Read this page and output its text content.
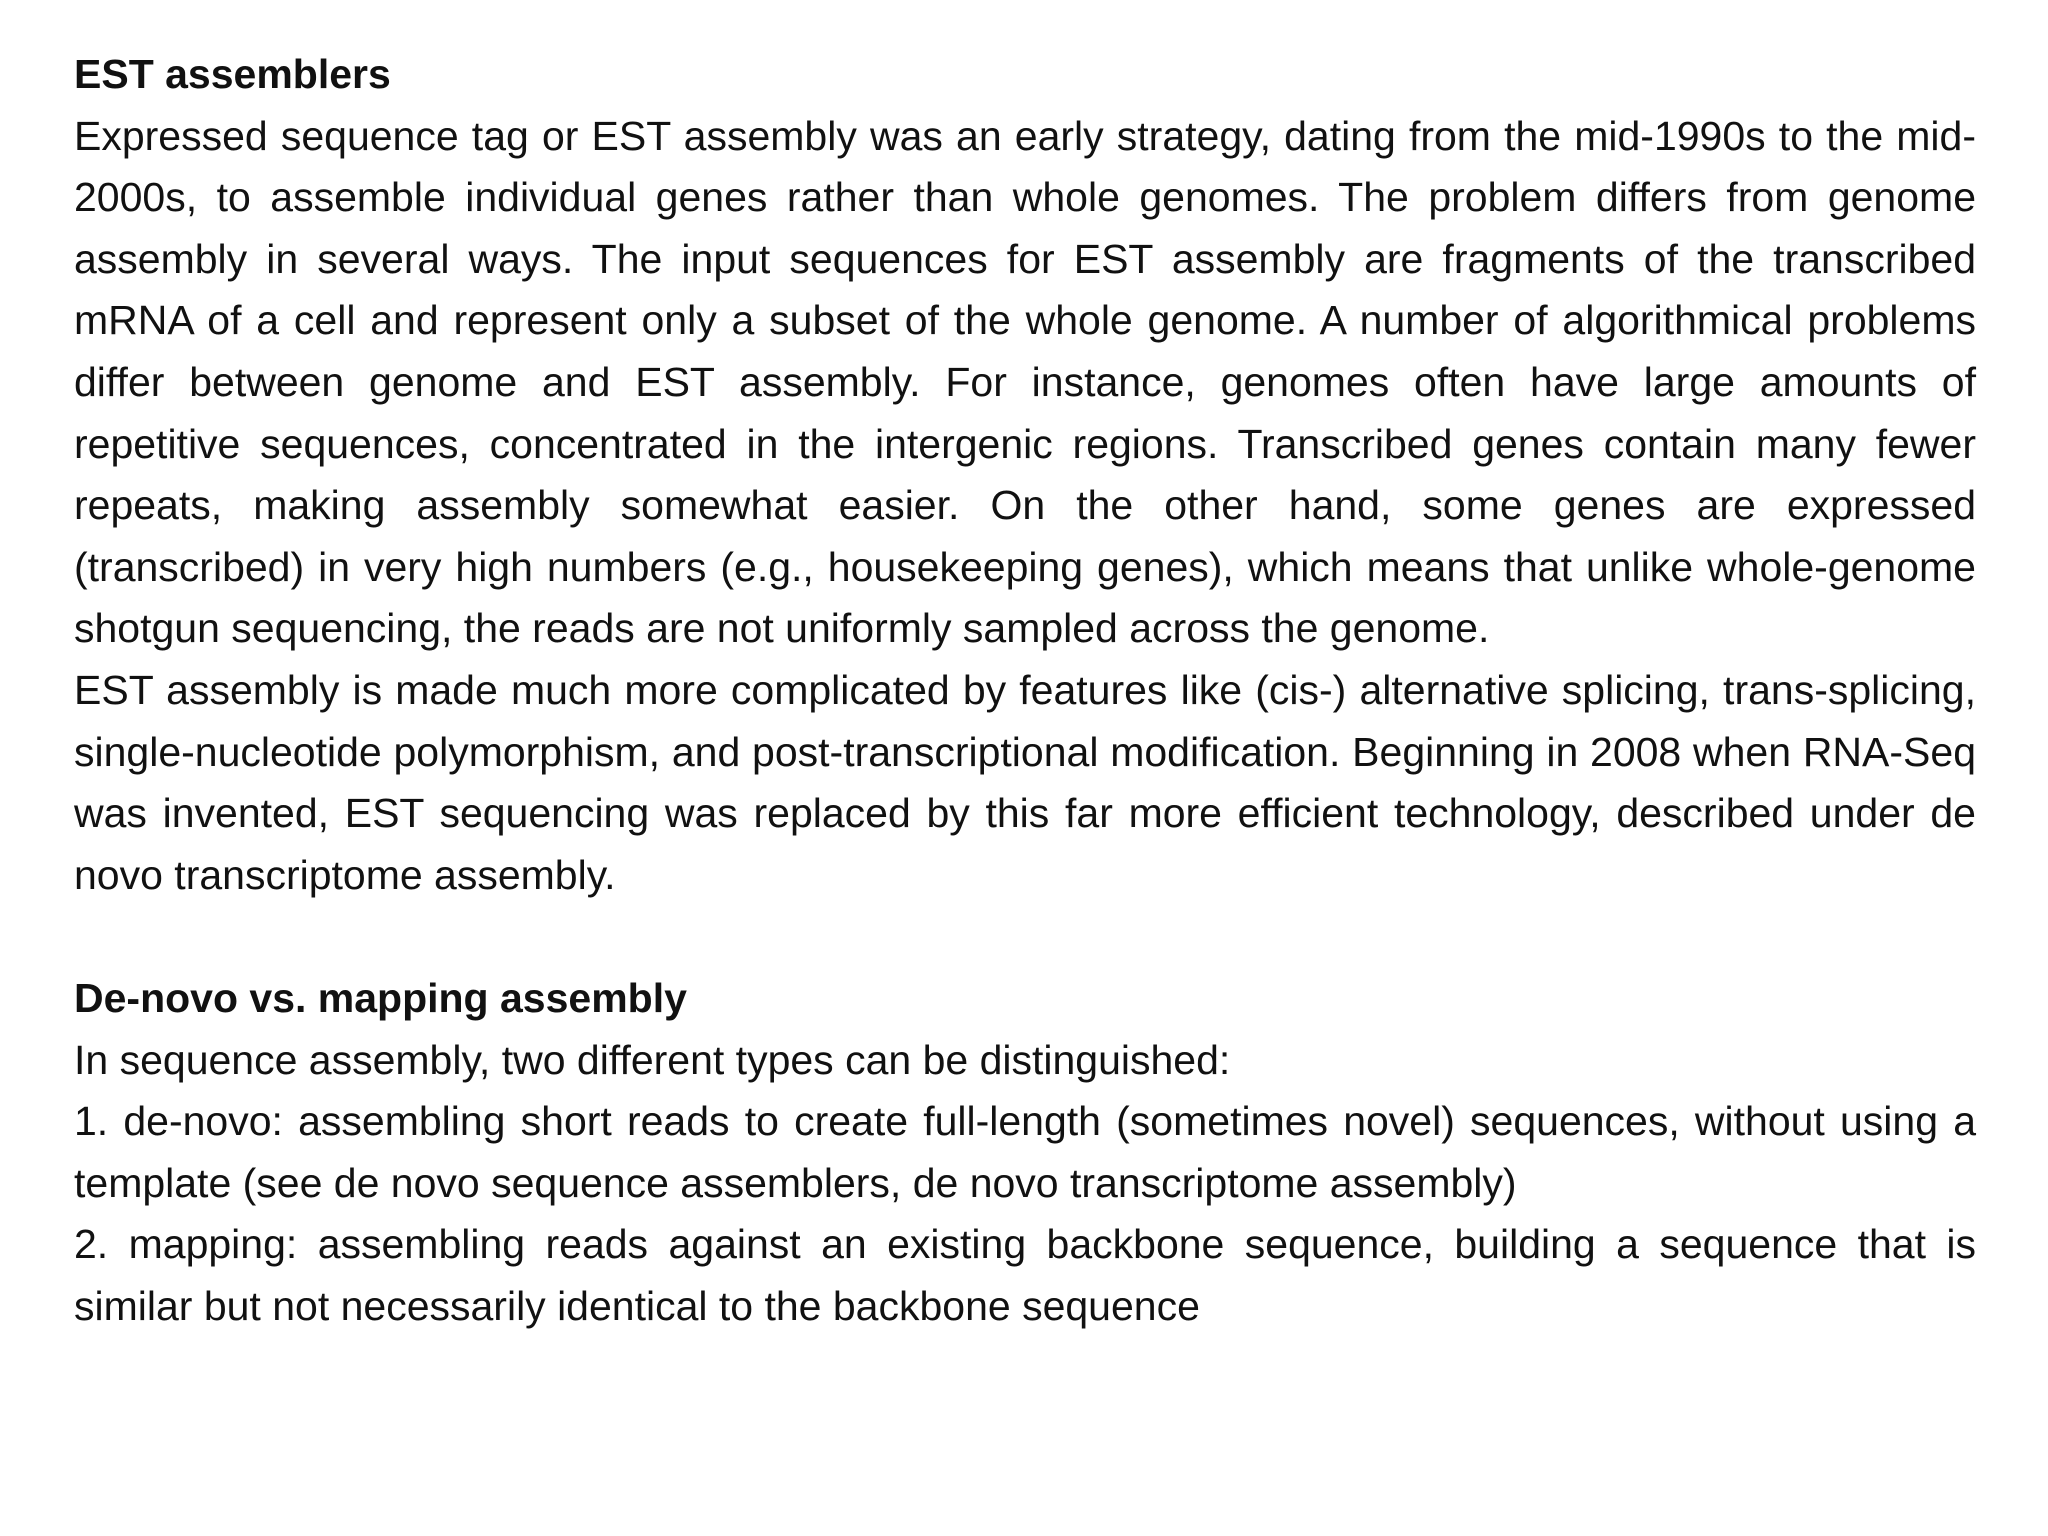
EST assemblers

Expressed sequence tag or EST assembly was an early strategy, dating from the mid-1990s to the mid-2000s, to assemble individual genes rather than whole genomes. The problem differs from genome assembly in several ways. The input sequences for EST assembly are fragments of the transcribed mRNA of a cell and represent only a subset of the whole genome. A number of algorithmical problems differ between genome and EST assembly. For instance, genomes often have large amounts of repetitive sequences, concentrated in the intergenic regions. Transcribed genes contain many fewer repeats, making assembly somewhat easier. On the other hand, some genes are expressed (transcribed) in very high numbers (e.g., housekeeping genes), which means that unlike whole-genome shotgun sequencing, the reads are not uniformly sampled across the genome.

EST assembly is made much more complicated by features like (cis-) alternative splicing, trans-splicing, single-nucleotide polymorphism, and post-transcriptional modification. Beginning in 2008 when RNA-Seq was invented, EST sequencing was replaced by this far more efficient technology, described under de novo transcriptome assembly.

De-novo vs. mapping assembly

In sequence assembly, two different types can be distinguished:

1. de-novo: assembling short reads to create full-length (sometimes novel) sequences, without using a template (see de novo sequence assemblers, de novo transcriptome assembly)

2. mapping: assembling reads against an existing backbone sequence, building a sequence that is similar but not necessarily identical to the backbone sequence
